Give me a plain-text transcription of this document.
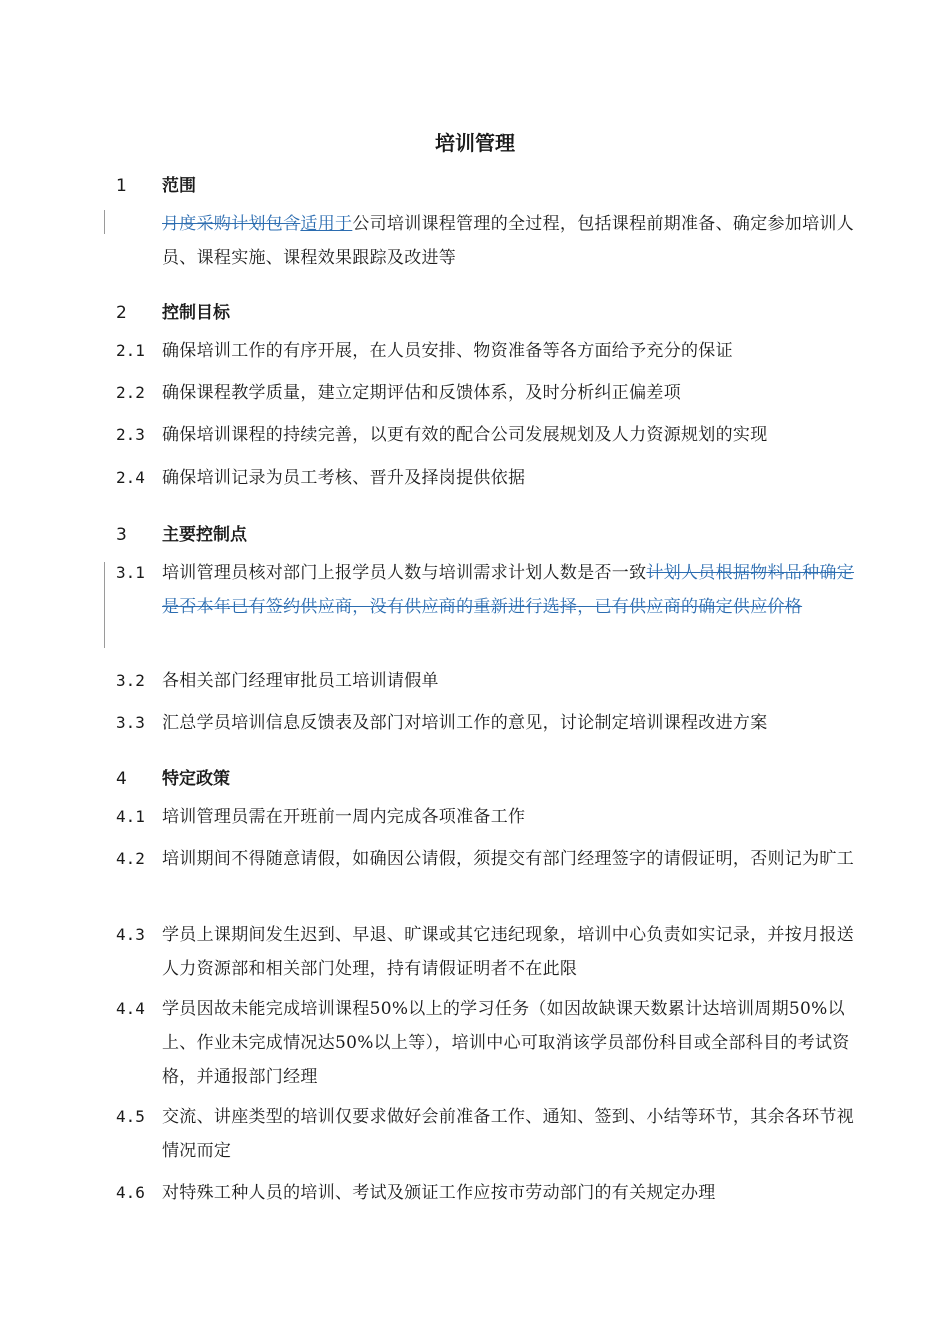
培训管理
1 范围
月度采购计划包含适用于公司培训课程管理的全过程，包括课程前期准备、确定参加培训人员、课程实施、课程效果跟踪及改进等
2 控制目标
2.1 确保培训工作的有序开展，在人员安排、物资准备等各方面给予充分的保证
2.2 确保课程教学质量，建立定期评估和反馈体系，及时分析纠正偏差项
2.3 确保培训课程的持续完善，以更有效的配合公司发展规划及人力资源规划的实现
2.4 确保培训记录为员工考核、晋升及择岗提供依据
3 主要控制点
3.1 培训管理员核对部门上报学员人数与培训需求计划人数是否一致计划人员根据物料品种确定是否本年已有签约供应商，没有供应商的重新进行选择，已有供应商的确定供应价格
3.2 各相关部门经理审批员工培训请假单
3.3 汇总学员培训信息反馈表及部门对培训工作的意见，讨论制定培训课程改进方案
4 特定政策
4.1 培训管理员需在开班前一周内完成各项准备工作
4.2 培训期间不得随意请假，如确因公请假，须提交有部门经理签字的请假证明，否则记为旷工
4.3 学员上课期间发生迟到、早退、旷课或其它违纪现象，培训中心负责如实记录，并按月报送人力资源部和相关部门处理，持有请假证明者不在此限
4.4 学员因故未能完成培训课程50%以上的学习任务（如因故缺课天数累计达培训周期50%以上、作业未完成情况达50%以上等），培训中心可取消该学员部份科目或全部科目的考试资格，并通报部门经理
4.5 交流、讲座类型的培训仅要求做好会前准备工作、通知、签到、小结等环节，其余各环节视情况而定
4.6 对特殊工种人员的培训、考试及颁证工作应按市劳动部门的有关规定办理
